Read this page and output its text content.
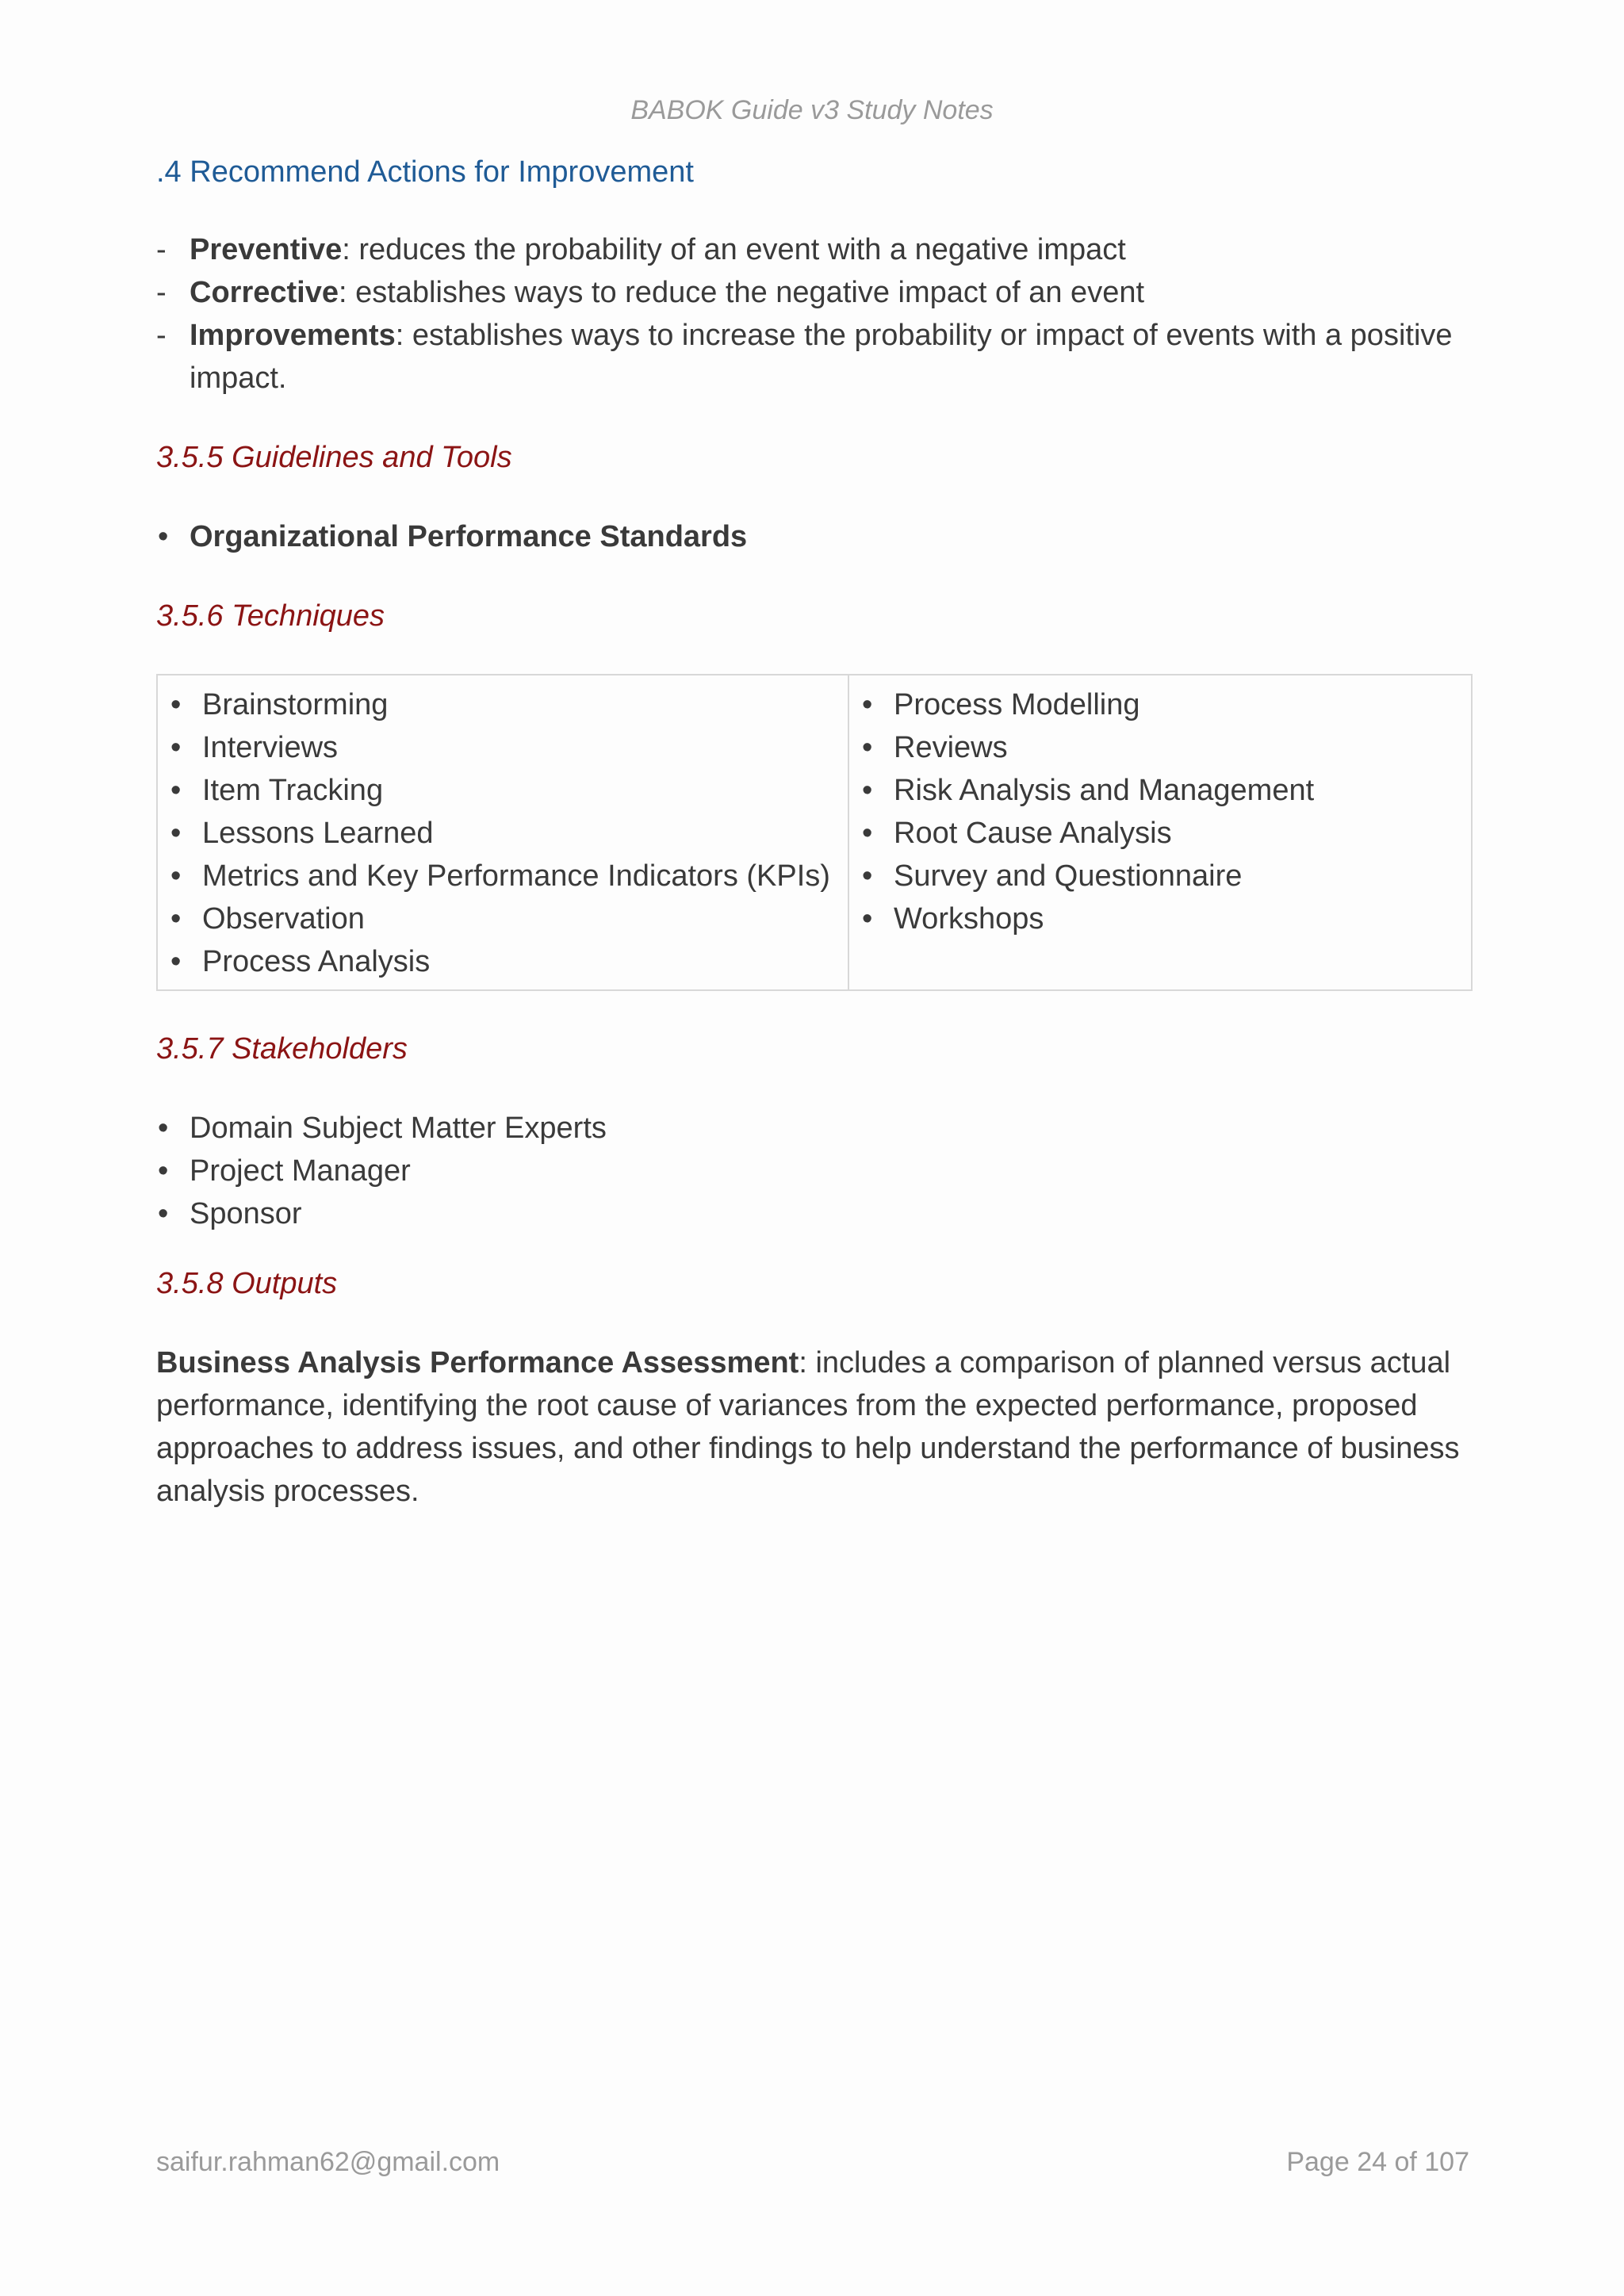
BABOK Guide v3 Study Notes
.4 Recommend Actions for Improvement
- Preventive: reduces the probability of an event with a negative impact
- Corrective: establishes ways to reduce the negative impact of an event
- Improvements: establishes ways to increase the probability or impact of events with a positive impact.
3.5.5 Guidelines and Tools
• Organizational Performance Standards
3.5.6 Techniques
• Brainstorming
• Interviews
• Item Tracking
• Lessons Learned
• Metrics and Key Performance Indicators (KPIs)
• Observation
• Process Analysis

• Process Modelling
• Reviews
• Risk Analysis and Management
• Root Cause Analysis
• Survey and Questionnaire
• Workshops
3.5.7 Stakeholders
• Domain Subject Matter Experts
• Project Manager
• Sponsor
3.5.8 Outputs

Business Analysis Performance Assessment: includes a comparison of planned versus actual performance, identifying the root cause of variances from the expected performance, proposed approaches to address issues, and other findings to help understand the performance of business analysis processes.

saifur.rahman62@gmail.com	Page 24 of 107
